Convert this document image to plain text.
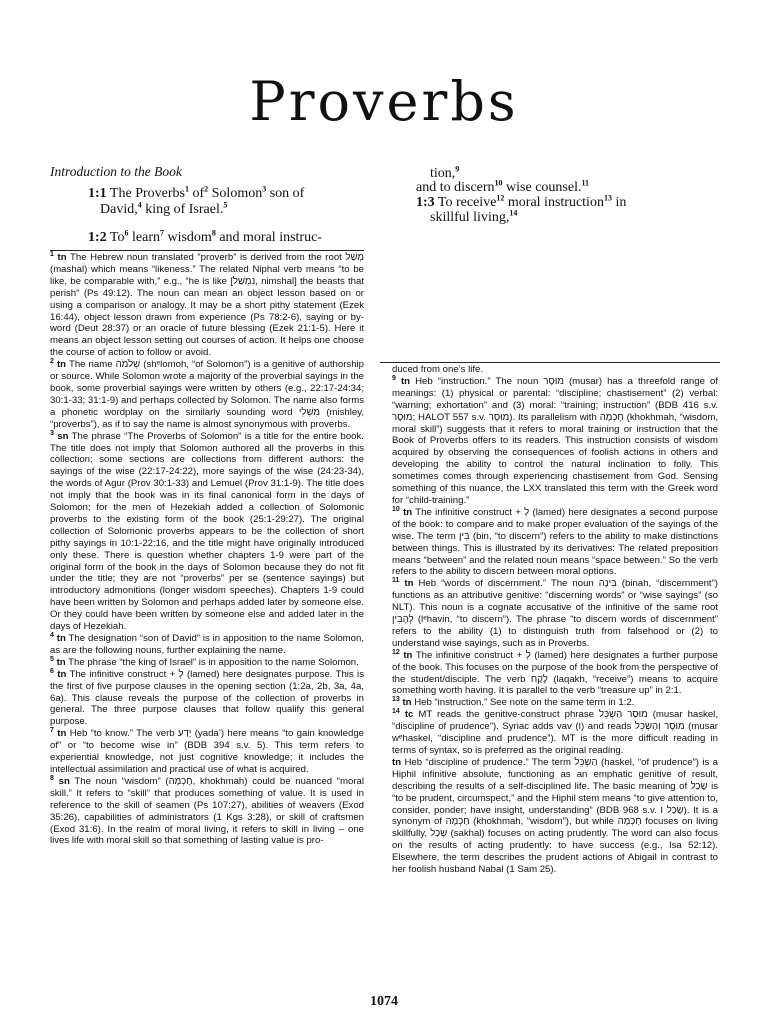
Proverbs
Introduction to the Book
1:1 The Proverbs$^1$ $of^2$ Solomon$^3$ son of
David,$^4$ king of Israel.$^5$
1:2 To$^6$ learn$^7$ wisdom$^8$ and moral instruc-
tion,$^9$
and to discern$^{10}$ wise counsel.$^{11}$
1:3 To receive$^{12}$ moral instruction$^{13}$ in
skillful living,$^{14}$

$^1$ tn The Hebrew noun translated “proverb” is derived from the root מָשַׁל (mashal) which means “likeness.” The related Niphal verb means “to be like, be comparable with,” e.g., “he is like [נִמְשַׁל, nimshal] the beasts that perish” (Ps 49:12). The noun can mean an object lesson based on or using a comparison or analogy. It may be a short pithy statement (Ezek 16:44), object lesson drawn from experience (Ps 78:2-6), saying or by-word (Deut 28:37) or an oracle of future blessing (Ezek 21:1-5). Here it means an object lesson setting out courses of action. It helps one choose the course of action to follow or avoid.

$^2$ tn The name שְׁלֹמֹה (shᵉlomoh, “of Solomon”) is a genitive of authorship or source. While Solomon wrote a majority of the proverbial sayings in the book, some proverbial sayings were written by others (e.g., 22:17-24:34; 30:1-33; 31:1-9) and perhaps collected by Solomon. The name also forms a phonetic wordplay on the similarly sounding word מִשְׁלֵי (mishley, “proverbs”), as if to say the name is almost synonymous with proverbs.

$^3$ sn The phrase “The Proverbs of Solomon” is a title for the entire book. The title does not imply that Solomon authored all the proverbs in this collection; some sections are collections from different authors: the sayings of the wise (22:17-24:22), more sayings of the wise (24:23-34), the words of Agur (Prov 30:1-33) and Lemuel (Prov 31:1-9). The title does not imply that the book was in its final canonical form in the days of Solomon; for the men of Hezekiah added a collection of Solomonic proverbs to the existing form of the book (25:1-29:27). The original collection of Solomonic proverbs appears to be the collection of short pithy sayings in 10:1-22:16, and the title might have originally introduced only these. There is question whether chapters 1-9 were part of the original form of the book in the days of Solomon because they do not fit under the title; they are not “proverbs” per se (sentence sayings) but introductory admonitions (longer wisdom speeches). Chapters 1-9 could have been written by Solomon and perhaps added later by someone else. Or they could have been written by someone else and added later in the days of Hezekiah.

$^4$ tn The designation “son of David” is in apposition to the name Solomon, as are the following nouns, further explaining the name.

$^5$ tn The phrase “the king of Israel” is in apposition to the name Solomon.

$^6$ tn The infinitive construct + לְ (lamed) here designates purpose. This is the first of five purpose clauses in the opening section (1:2a, 2b, 3a, 4a, 6a). This clause reveals the purpose of the collection of proverbs in general. The three purpose clauses that follow qualify this general purpose.

$^7$ tn Heb “to know.” The verb יָדַע (yada’) here means “to gain knowledge of” or “to become wise in” (BDB 394 s.v. 5). This term refers to experiential knowledge, not just cognitive knowledge; it includes the intellectual assimilation and practical use of what is acquired.

$^8$ sn The noun “wisdom” (חָכְמָה, khokhmah) could be nuanced “moral skill.” It refers to “skill” that produces something of value. It is used in reference to the skill of seamen (Ps 107:27), abilities of weavers (Exod 35:26), capabilities of administrators (1 Kgs 3:28), or skill of craftsmen (Exod 31:6). In the realm of moral living, it refers to skill in living – one lives life with moral skill so that something of lasting value is pro-

duced from one’s life.

$^9$ tn Heb “instruction.” The noun מוּסָר (musar) has a threefold range of meanings: (1) physical or parental: “discipline; chastisement” (2) verbal: “warning; exhortation” and (3) moral: “training; instruction” (BDB 416 s.v. מוּסָר; HALOT 557 s.v. מוּסָר). Its parallelism with חָכְמָה (khokhmah, “wisdom, moral skill”) suggests that it refers to moral training or instruction that the Book of Proverbs offers to its readers. This instruction consists of wisdom acquired by observing the consequences of foolish actions in others and developing the ability to control the natural inclination to folly. This sometimes comes through experiencing chastisement from God. Sensing something of this nuance, the LXX translated this term with the Greek word for “child-training.”

$^{10}$ tn The infinitive construct + לְ (lamed) here designates a second purpose of the book: to compare and to make proper evaluation of the sayings of the wise. The term בִּין (bin, “to discern”) refers to the ability to make distinctions between things. This is illustrated by its derivatives: The related preposition means “between” and the related noun means “space between.” So the verb refers to the ability to discern between moral options.

$^{11}$ tn Heb “words of discernment.” The noun בִּינָה (binah, “discernment”) functions as an attributive genitive: “discerning words” or “wise sayings” (so NLT). This noun is a cognate accusative of the infinitive of the same root לְהָבִין (lᵉhavin, “to discern”). The phrase “to discern words of discernment” refers to the ability (1) to distinguish truth from falsehood or (2) to understand wise sayings, such as in Proverbs.

$^{12}$ tn The infinitive construct + לְ (lamed) here designates a further purpose of the book. This focuses on the purpose of the book from the perspective of the student/disciple. The verb לָקַח (laqakh, “receive”) means to acquire something worth having. It is parallel to the verb “treasure up” in 2:1.

$^{13}$ tn Heb “instruction.” See note on the same term in 1:2.

$^{14}$ tc MT reads the genitive-construct phrase מוּסַר הַשְׂכֵּל (musar haskel, “discipline of prudence”). Syriac adds vav (ו) and reads מוּסָר וְהַשְׂכֵּל (musar wᵉhaskel, “discipline and prudence”). MT is the more difficult reading in terms of syntax, so is preferred as the original reading.

tn Heb “discipline of prudence.” The term הַשְׂכֵּל (haskel, “of prudence”) is a Hiphil infinitive absolute, functioning as an emphatic genitive of result, describing the results of a self-disciplined life. The basic meaning of שָׂכַל is “to be prudent, circumspect,” and the Hiphil stem means “to give attention to, consider, ponder; have insight, understanding” (BDB 968 s.v. I שָׂכַל). It is a synonym of חָכְמָה (khokhmah, “wisdom”), but while חָכְמָה focuses on living skillfully, שָׂכַל (sakhal) focuses on acting prudently. The word can also focus on the results of acting prudently: to have success (e.g., Isa 52:12). Elsewhere, the term describes the prudent actions of Abigail in contrast to her foolish husband Nabal (1 Sam 25).

1074
